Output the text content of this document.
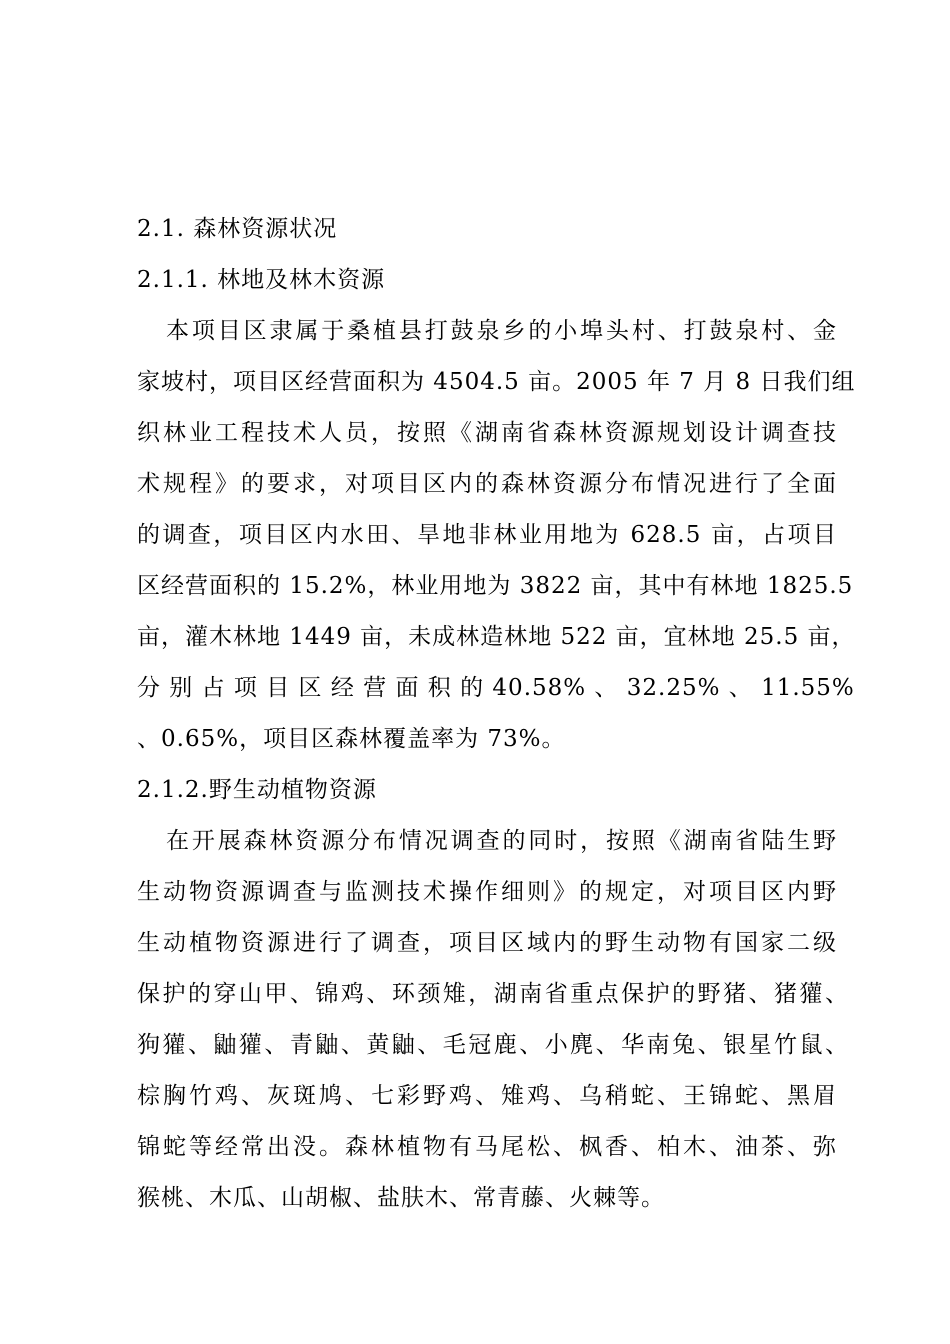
2.1. 森林资源状况
2.1.1. 林地及林木资源
本项目区隶属于桑植县打鼓泉乡的小埠头村、打鼓泉村、金
家坡村，项目区经营面积为 4504.5 亩。2005 年 7 月 8 日我们组
织林业工程技术人员，按照《湖南省森林资源规划设计调查技
术规程》的要求，对项目区内的森林资源分布情况进行了全面
的调查，项目区内水田、旱地非林业用地为 628.5 亩，占项目
区经营面积的 15.2%，林业用地为 3822 亩，其中有林地 1825.5
亩，灌木林地 1449 亩，未成林造林地 522 亩，宜林地 25.5 亩，
分 别 占 项 目 区 经 营 面 积 的 40.58% 、 32.25% 、 11.55%
、0.65%，项目区森林覆盖率为 73%。
2.1.2.野生动植物资源
在开展森林资源分布情况调查的同时，按照《湖南省陆生野
生动物资源调查与监测技术操作细则》的规定，对项目区内野
生动植物资源进行了调查，项目区域内的野生动物有国家二级
保护的穿山甲、锦鸡、环颈雉，湖南省重点保护的野猪、猪獾、
狗獾、鼬獾、青鼬、黄鼬、毛冠鹿、小麂、华南兔、银星竹鼠、
棕胸竹鸡、灰斑鸠、七彩野鸡、雉鸡、乌稍蛇、王锦蛇、黑眉
锦蛇等经常出没。森林植物有马尾松、枫香、柏木、油茶、弥
猴桃、木瓜、山胡椒、盐肤木、常青藤、火棘等。
